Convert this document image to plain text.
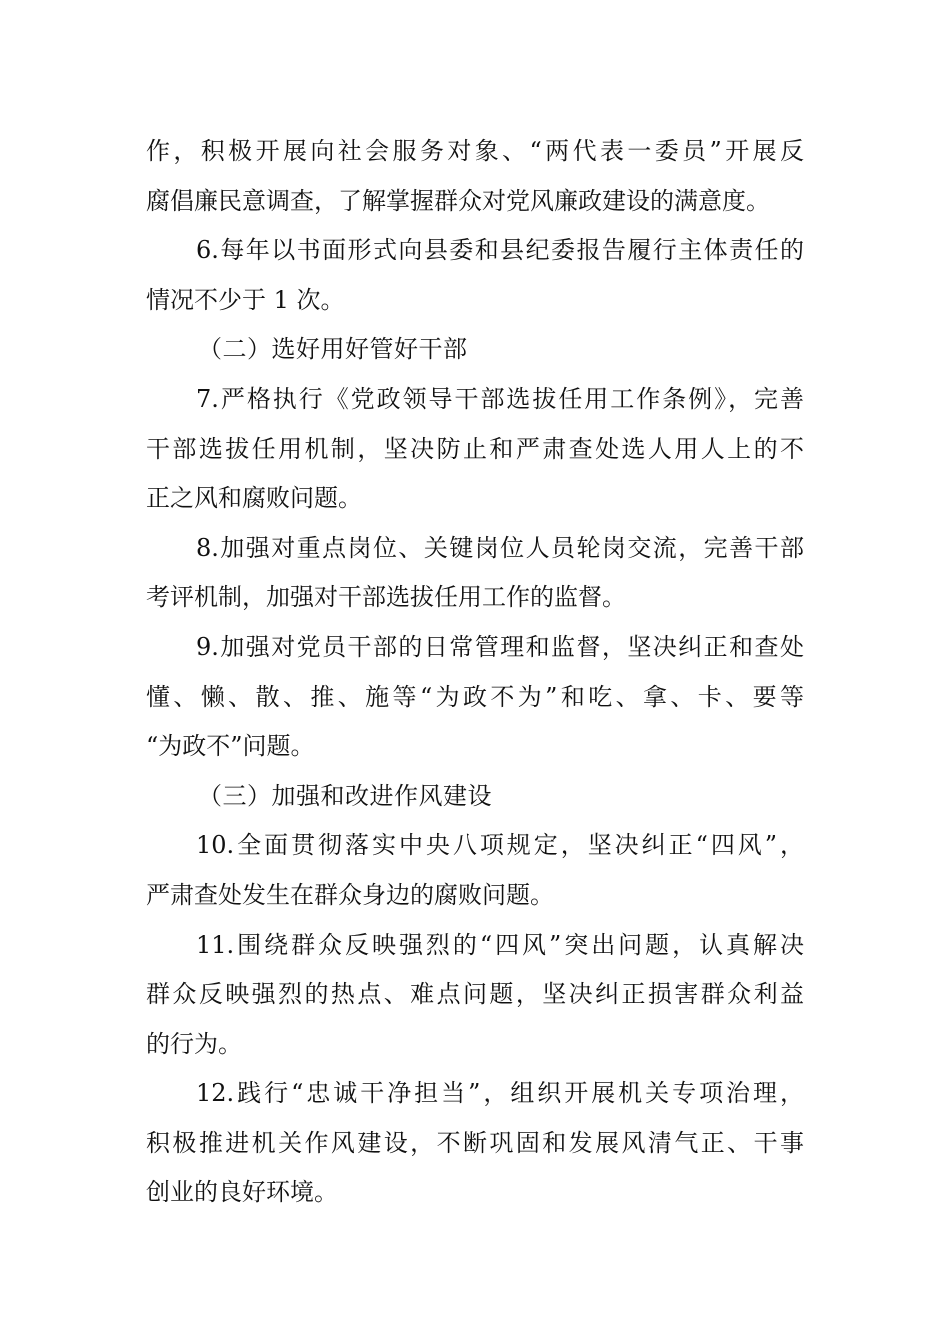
作，积极开展向社会服务对象、“两代表一委员”开展反
腐倡廉民意调查，了解掌握群众对党风廉政建设的满意度。
6.每年以书面形式向县委和县纪委报告履行主体责任的
情况不少于 1 次。
（二）选好用好管好干部
7.严格执行《党政领导干部选拔任用工作条例》，完善
干部选拔任用机制，坚决防止和严肃查处选人用人上的不
正之风和腐败问题。
8.加强对重点岗位、关键岗位人员轮岗交流，完善干部
考评机制，加强对干部选拔任用工作的监督。
9.加强对党员干部的日常管理和监督，坚决纠正和查处
懂、懒、散、推、施等“为政不为”和吃、拿、卡、要等
“为政不”问题。
（三）加强和改进作风建设
10.全面贯彻落实中央八项规定，坚决纠正“四风”，
严肃查处发生在群众身边的腐败问题。
11.围绕群众反映强烈的“四风”突出问题，认真解决
群众反映强烈的热点、难点问题，坚决纠正损害群众利益
的行为。
12.践行“忠诚干净担当”，组织开展机关专项治理，
积极推进机关作风建设，不断巩固和发展风清气正、干事
创业的良好环境。
